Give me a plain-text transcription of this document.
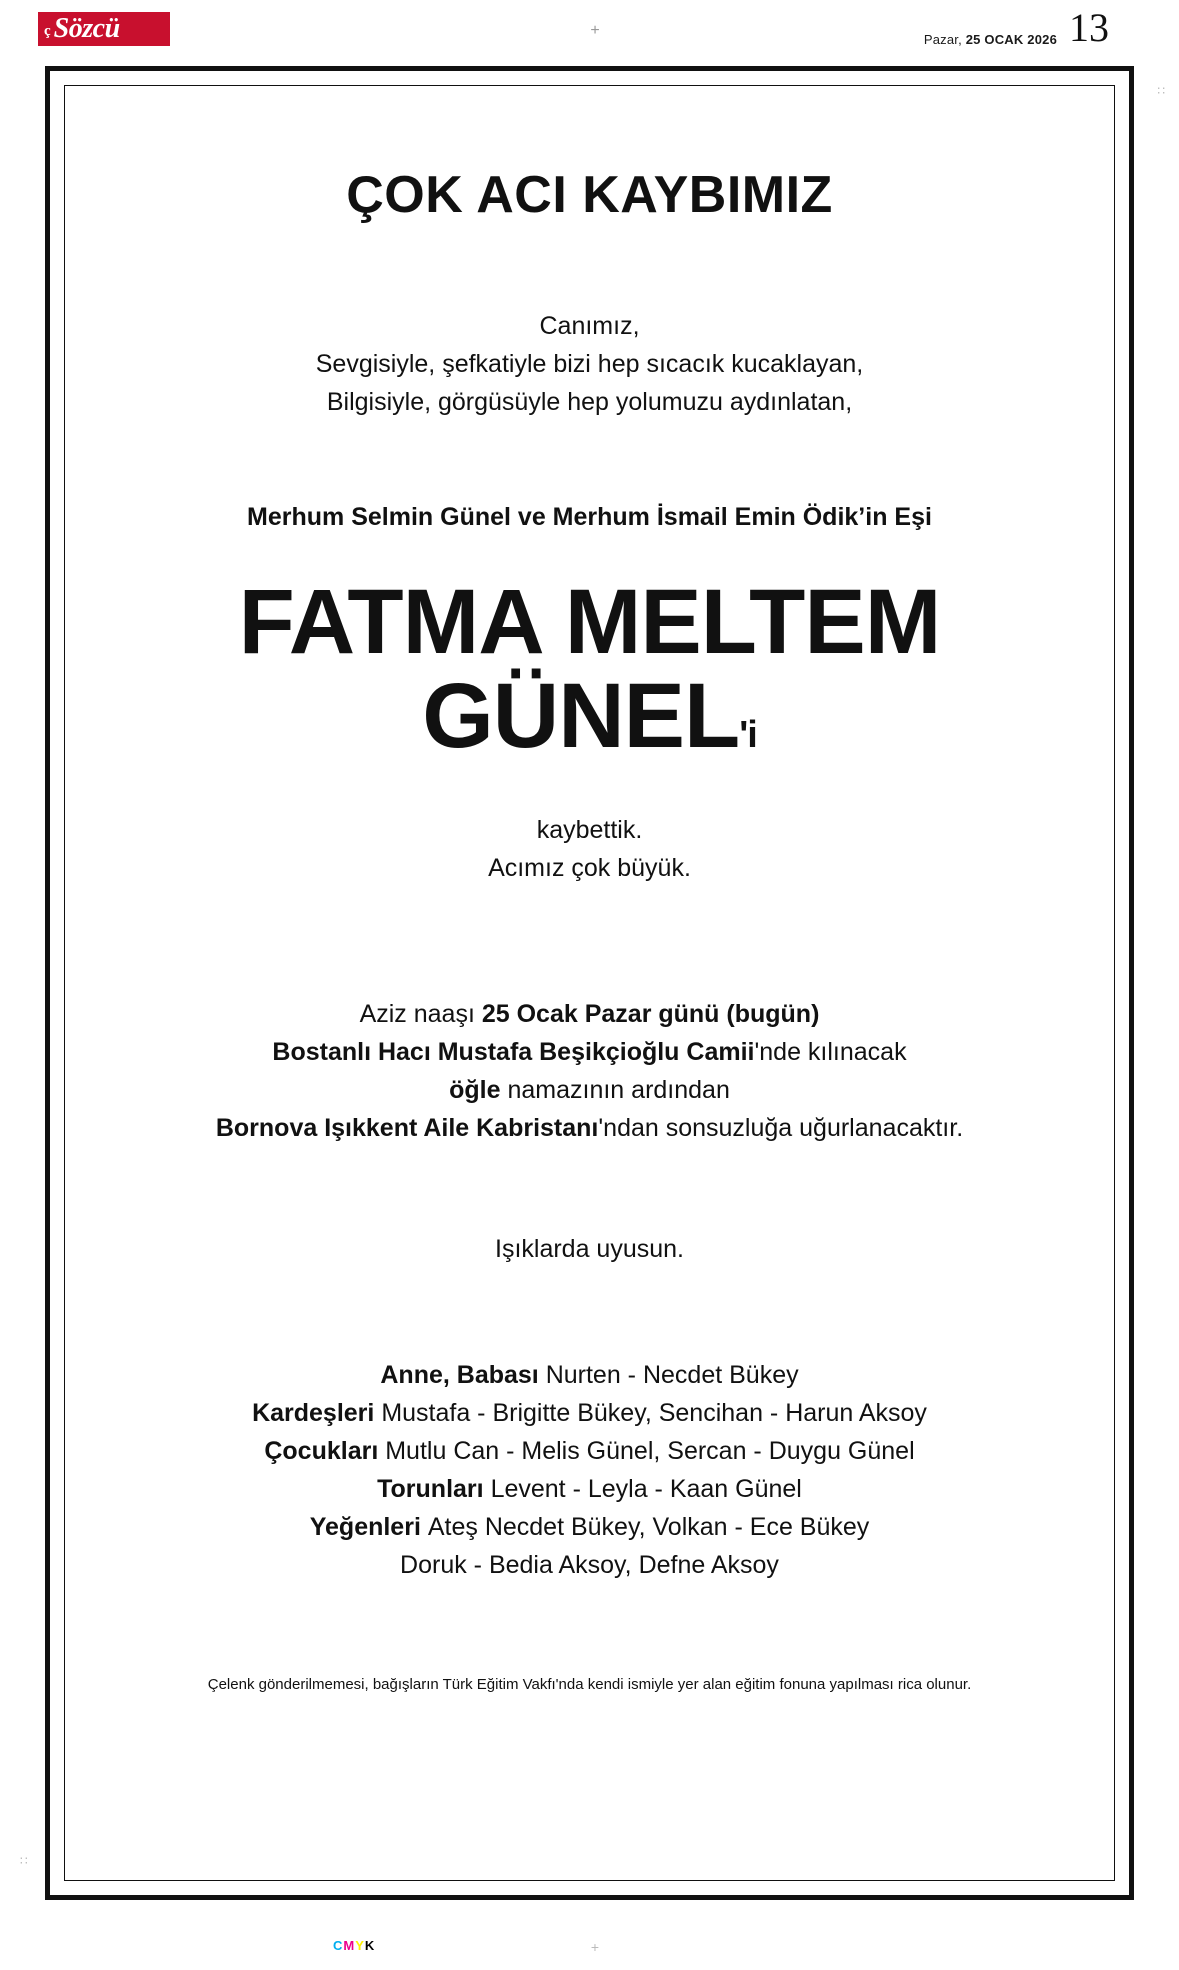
ç Sözcü	Pazar, 25 OCAK 2026 13
+
∷
∷
ÇOK ACI KAYBIMIZ
Canımız,
Sevgisiyle, şefkatiyle bizi hep sıcacık kucaklayan,
Bilgisiyle, görgüsüyle hep yolumuzu aydınlatan,
Merhum Selmin Günel ve Merhum İsmail Emin Ödik’in Eşi
FATMA MELTEM
GÜNEL'i
kaybettik.
Acımız çok büyük.
Aziz naaşı 25 Ocak Pazar günü (bugün)
Bostanlı Hacı Mustafa Beşikçioğlu Camii'nde kılınacak
öğle namazının ardından
Bornova Işıkkent Aile Kabristanı'ndan sonsuzluğa uğurlanacaktır.
Işıklarda uyusun.
Anne, Babası Nurten - Necdet Bükey
Kardeşleri Mustafa - Brigitte Bükey, Sencihan - Harun Aksoy
Çocukları Mutlu Can - Melis Günel, Sercan - Duygu Günel
Torunları Levent - Leyla - Kaan Günel
Yeğenleri Ateş Necdet Bükey, Volkan - Ece Bükey
Doruk - Bedia Aksoy, Defne Aksoy
Çelenk gönderilmemesi, bağışların Türk Eğitim Vakfı'nda kendi ismiyle yer alan eğitim fonuna yapılması rica olunur.
+
CMYK
